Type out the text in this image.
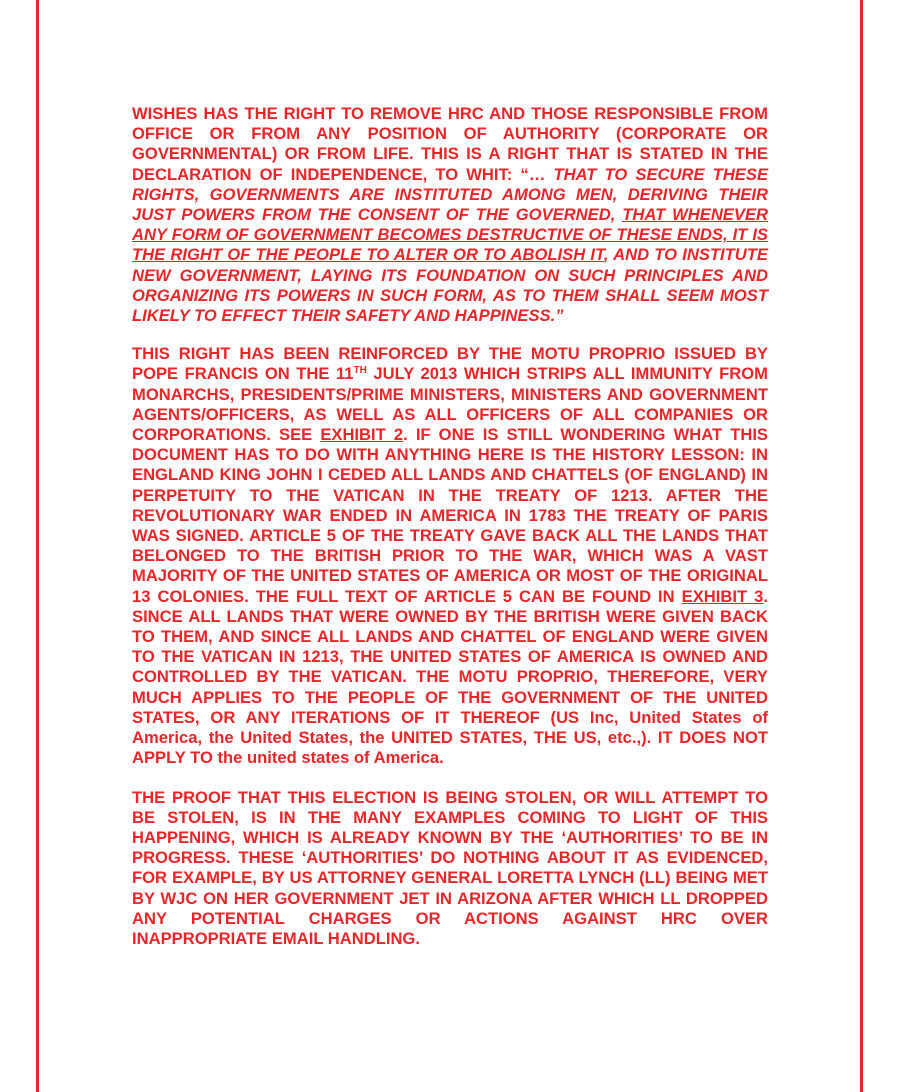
WISHES HAS THE RIGHT TO REMOVE HRC AND THOSE RESPONSIBLE FROM OFFICE OR FROM ANY POSITION OF AUTHORITY (CORPORATE OR GOVERNMENTAL) OR FROM LIFE. THIS IS A RIGHT THAT IS STATED IN THE DECLARATION OF INDEPENDENCE, TO WHIT: “… THAT TO SECURE THESE RIGHTS, GOVERNMENTS ARE INSTITUTED AMONG MEN, DERIVING THEIR JUST POWERS FROM THE CONSENT OF THE GOVERNED, THAT WHENEVER ANY FORM OF GOVERNMENT BECOMES DESTRUCTIVE OF THESE ENDS, IT IS THE RIGHT OF THE PEOPLE TO ALTER OR TO ABOLISH IT, AND TO INSTITUTE NEW GOVERNMENT, LAYING ITS FOUNDATION ON SUCH PRINCIPLES AND ORGANIZING ITS POWERS IN SUCH FORM, AS TO THEM SHALL SEEM MOST LIKELY TO EFFECT THEIR SAFETY AND HAPPINESS.”

THIS RIGHT HAS BEEN REINFORCED BY THE MOTU PROPRIO ISSUED BY POPE FRANCIS ON THE 11TH JULY 2013 WHICH STRIPS ALL IMMUNITY FROM MONARCHS, PRESIDENTS/PRIME MINISTERS, MINISTERS AND GOVERNMENT AGENTS/OFFICERS, AS WELL AS ALL OFFICERS OF ALL COMPANIES OR CORPORATIONS. SEE EXHIBIT 2. IF ONE IS STILL WONDERING WHAT THIS DOCUMENT HAS TO DO WITH ANYTHING HERE IS THE HISTORY LESSON: IN ENGLAND KING JOHN I CEDED ALL LANDS AND CHATTELS (OF ENGLAND) IN PERPETUITY TO THE VATICAN IN THE TREATY OF 1213. AFTER THE REVOLUTIONARY WAR ENDED IN AMERICA IN 1783 THE TREATY OF PARIS WAS SIGNED. ARTICLE 5 OF THE TREATY GAVE BACK ALL THE LANDS THAT BELONGED TO THE BRITISH PRIOR TO THE WAR, WHICH WAS A VAST MAJORITY OF THE UNITED STATES OF AMERICA OR MOST OF THE ORIGINAL 13 COLONIES. THE FULL TEXT OF ARTICLE 5 CAN BE FOUND IN EXHIBIT 3. SINCE ALL LANDS THAT WERE OWNED BY THE BRITISH WERE GIVEN BACK TO THEM, AND SINCE ALL LANDS AND CHATTEL OF ENGLAND WERE GIVEN TO THE VATICAN IN 1213, THE UNITED STATES OF AMERICA IS OWNED AND CONTROLLED BY THE VATICAN. THE MOTU PROPRIO, THEREFORE, VERY MUCH APPLIES TO THE PEOPLE OF THE GOVERNMENT OF THE UNITED STATES, OR ANY ITERATIONS OF IT THEREOF (US Inc, United States of America, the United States, the UNITED STATES, THE US, etc.,). IT DOES NOT APPLY TO the united states of America.

THE PROOF THAT THIS ELECTION IS BEING STOLEN, OR WILL ATTEMPT TO BE STOLEN, IS IN THE MANY EXAMPLES COMING TO LIGHT OF THIS HAPPENING, WHICH IS ALREADY KNOWN BY THE ‘AUTHORITIES’ TO BE IN PROGRESS. THESE ‘AUTHORITIES’ DO NOTHING ABOUT IT AS EVIDENCED, FOR EXAMPLE, BY US ATTORNEY GENERAL LORETTA LYNCH (LL) BEING MET BY WJC ON HER GOVERNMENT JET IN ARIZONA AFTER WHICH LL DROPPED ANY POTENTIAL CHARGES OR ACTIONS AGAINST HRC OVER INAPPROPRIATE EMAIL HANDLING.
